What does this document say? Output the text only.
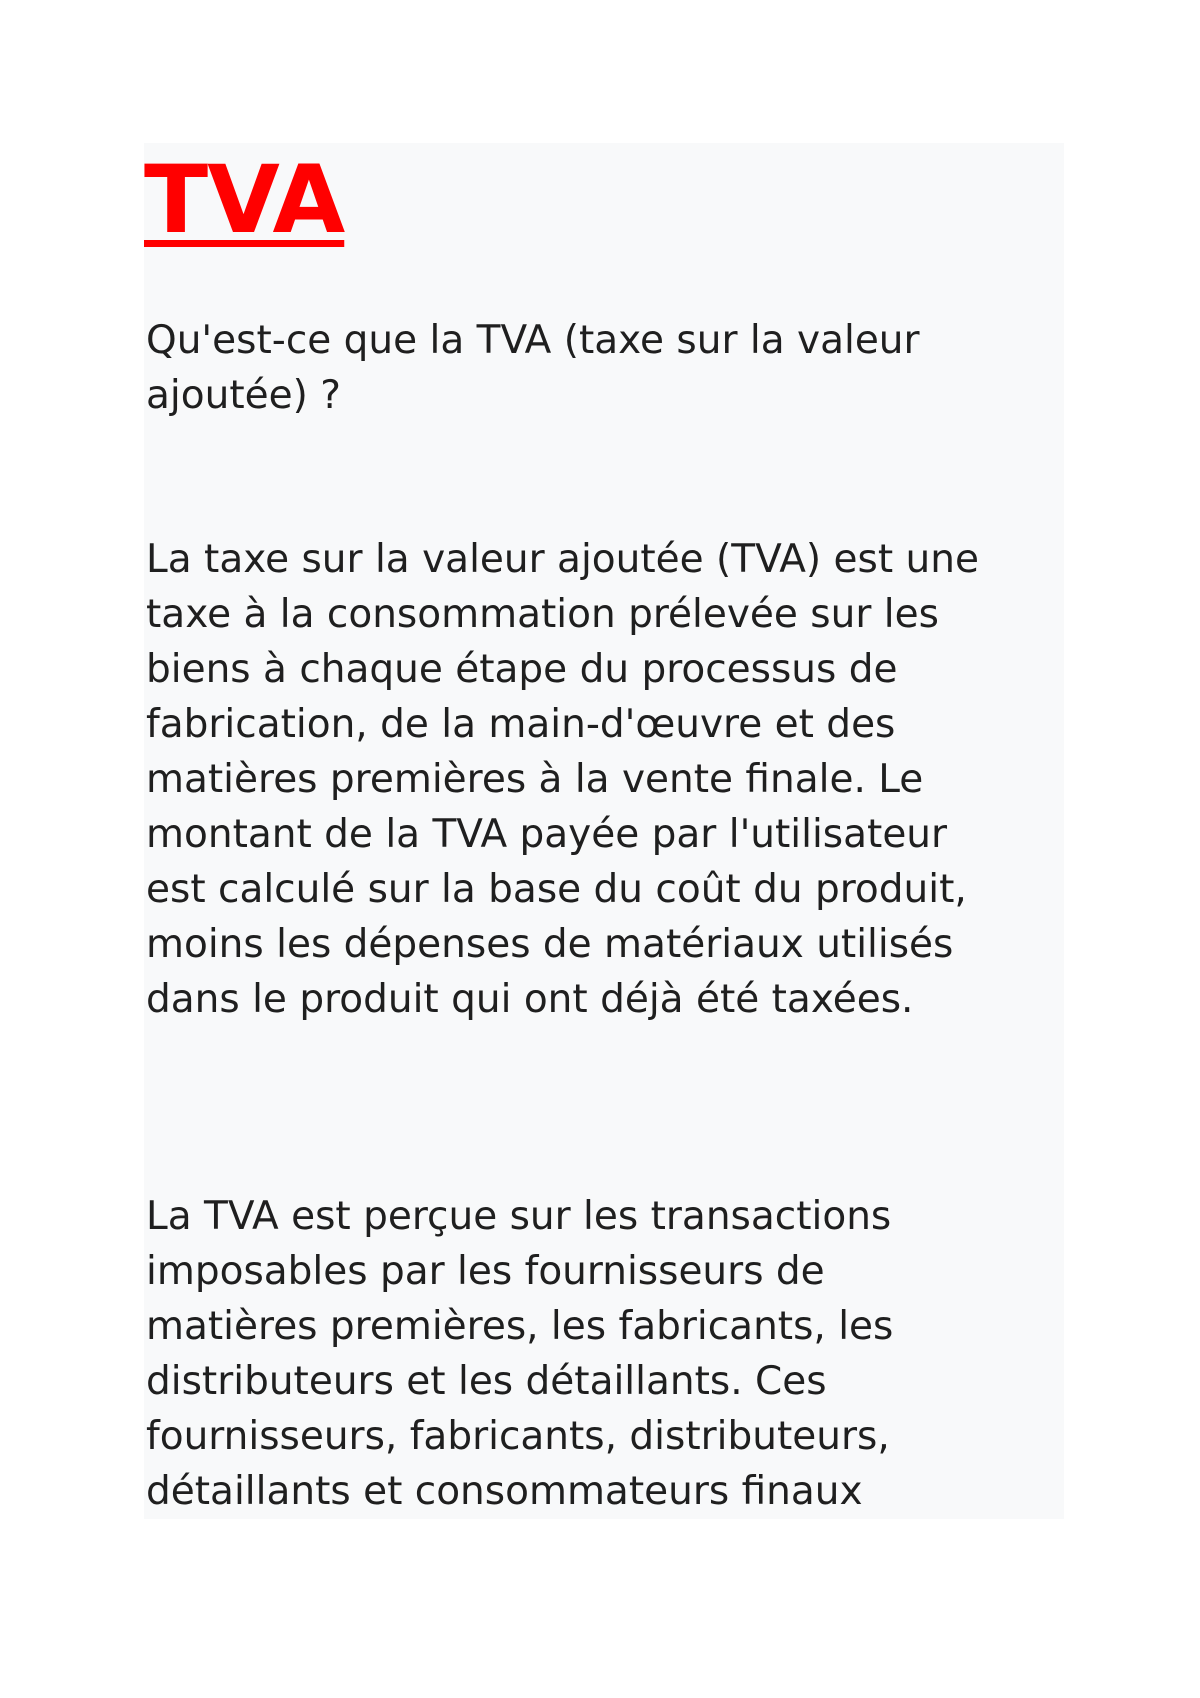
TVA

Qu'est-ce que la TVA (taxe sur la valeur
ajoutée) ?

La taxe sur la valeur ajoutée (TVA) est une
taxe à la consommation prélevée sur les
biens à chaque étape du processus de
fabrication, de la main-d'œuvre et des
matières premières à la vente finale. Le
montant de la TVA payée par l'utilisateur
est calculé sur la base du coût du produit,
moins les dépenses de matériaux utilisés
dans le produit qui ont déjà été taxées.

La TVA est perçue sur les transactions
imposables par les fournisseurs de
matières premières, les fabricants, les
distributeurs et les détaillants. Ces
fournisseurs, fabricants, distributeurs,
détaillants et consommateurs finaux
